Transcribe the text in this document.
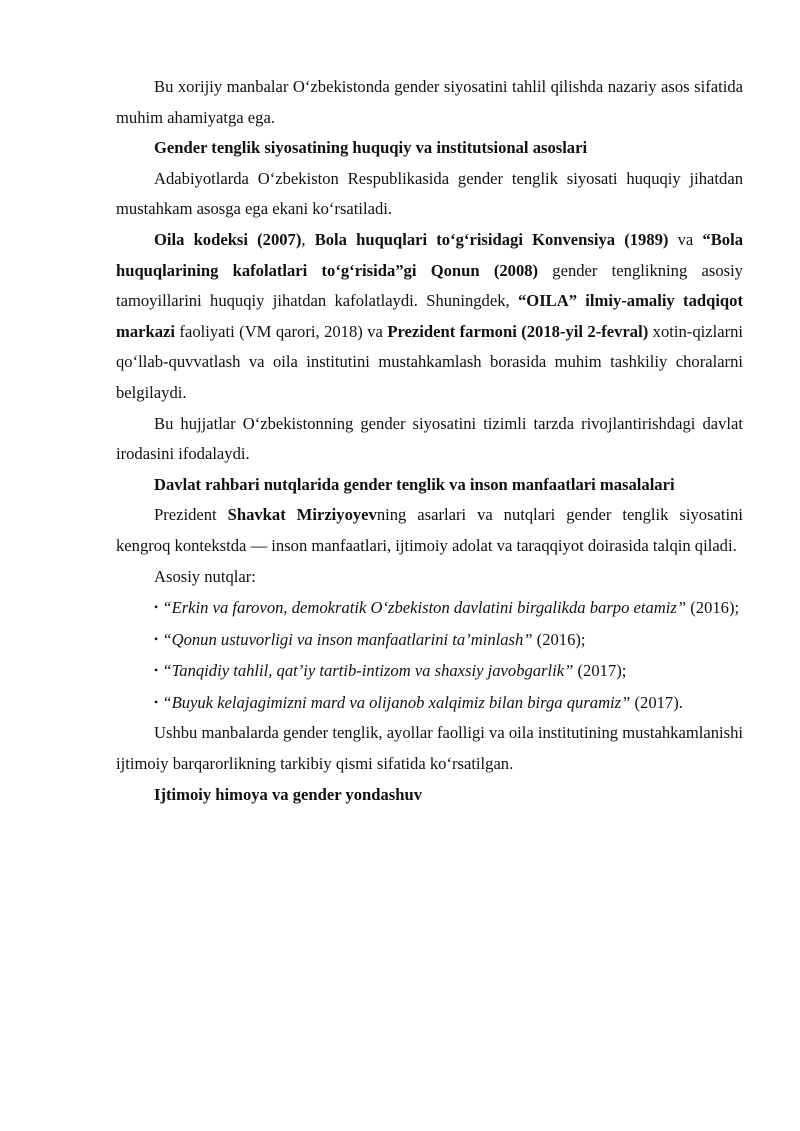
Bu xorijiy manbalar O‘zbekistonda gender siyosatini tahlil qilishda nazariy asos sifatida muhim ahamiyatga ega.

Gender tenglik siyosatining huquqiy va institutsional asoslari

Adabiyotlarda O‘zbekiston Respublikasida gender tenglik siyosati huquqiy jihatdan mustahkam asosga ega ekani ko‘rsatiladi.

Oila kodeksi (2007), Bola huquqlari to‘g‘risidagi Konvensiya (1989) va “Bola huquqlarining kafolatlari to‘g‘risida”gi Qonun (2008) gender tenglikning asosiy tamoyillarini huquqiy jihatdan kafolatlaydi. Shuningdek, “OILA” ilmiy-amaliy tadqiqot markazi faoliyati (VM qarori, 2018) va Prezident farmoni (2018-yil 2-fevral) xotin-qizlarni qo‘llab-quvvatlash va oila institutini mustahkamlash borasida muhim tashkiliy choralarni belgilaydi.

Bu hujjatlar O‘zbekistonning gender siyosatini tizimli tarzda rivojlantirishdagi davlat irodasini ifodalaydi.

Davlat rahbari nutqlarida gender tenglik va inson manfaatlari masalalari

Prezident Shavkat Mirziyoyevning asarlari va nutqlari gender tenglik siyosatini kengroq kontekstda — inson manfaatlari, ijtimoiy adolat va taraqqiyot doirasida talqin qiladi.

Asosiy nutqlar:

• “Erkin va farovon, demokratik O‘zbekiston davlatini birgalikda barpo etamiz” (2016);

• “Qonun ustuvorligi va inson manfaatlarini ta’minlash” (2016);

• “Tanqidiy tahlil, qat’iy tartib-intizom va shaxsiy javobgarlik” (2017);

• “Buyuk kelajagimizni mard va olijanob xalqimiz bilan birga quramiz” (2017).

Ushbu manbalarda gender tenglik, ayollar faolligi va oila institutining mustahkamlanishi ijtimoiy barqarorlikning tarkibiy qismi sifatida ko‘rsatilgan.

Ijtimoiy himoya va gender yondashuv
